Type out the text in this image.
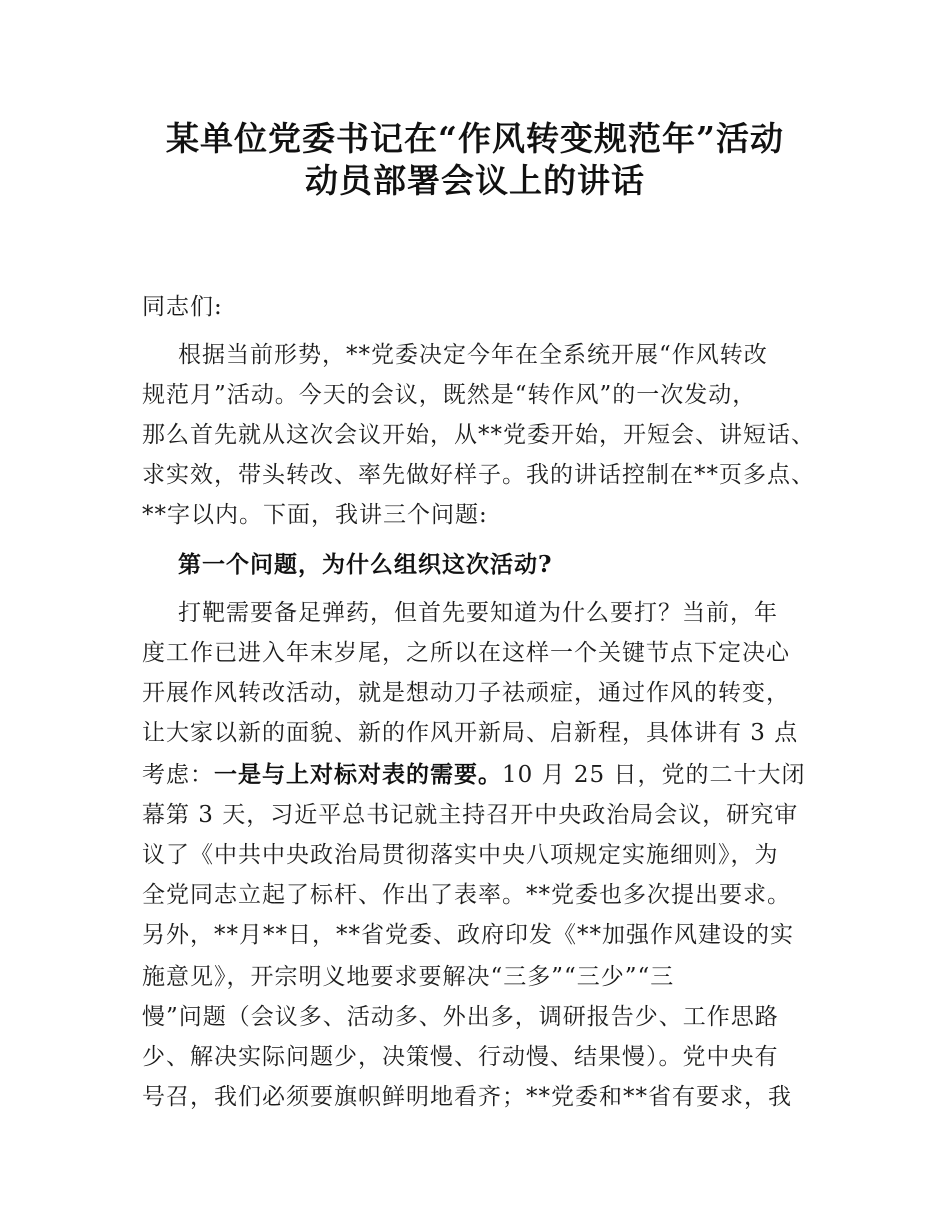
某单位党委书记在“作风转变规范年”活动
动员部署会议上的讲话
同志们:
根据当前形势，**党委决定今年在全系统开展“作风转改
规范月”活动。今天的会议，既然是“转作风”的一次发动，
那么首先就从这次会议开始，从**党委开始，开短会、讲短话、
求实效，带头转改、率先做好样子。我的讲话控制在**页多点、
**字以内。下面，我讲三个问题:
第一个问题，为什么组织这次活动?
打靶需要备足弹药，但首先要知道为什么要打？当前，年
度工作已进入年末岁尾，之所以在这样一个关键节点下定决心
开展作风转改活动，就是想动刀子祛顽症，通过作风的转变，
让大家以新的面貌、新的作风开新局、启新程，具体讲有 3 点
考虑：一是与上对标对表的需要。10 月 25 日，党的二十大闭
幕第 3 天，习近平总书记就主持召开中央政治局会议，研究审
议了《中共中央政治局贯彻落实中央八项规定实施细则》，为
全党同志立起了标杆、作出了表率。**党委也多次提出要求。
另外，**月**日，**省党委、政府印发《**加强作风建设的实
施意见》，开宗明义地要求要解决“三多”“三少”“三
慢”问题（会议多、活动多、外出多，调研报告少、工作思路
少、解决实际问题少，决策慢、行动慢、结果慢）。党中央有
号召，我们必须要旗帜鲜明地看齐；**党委和**省有要求，我
